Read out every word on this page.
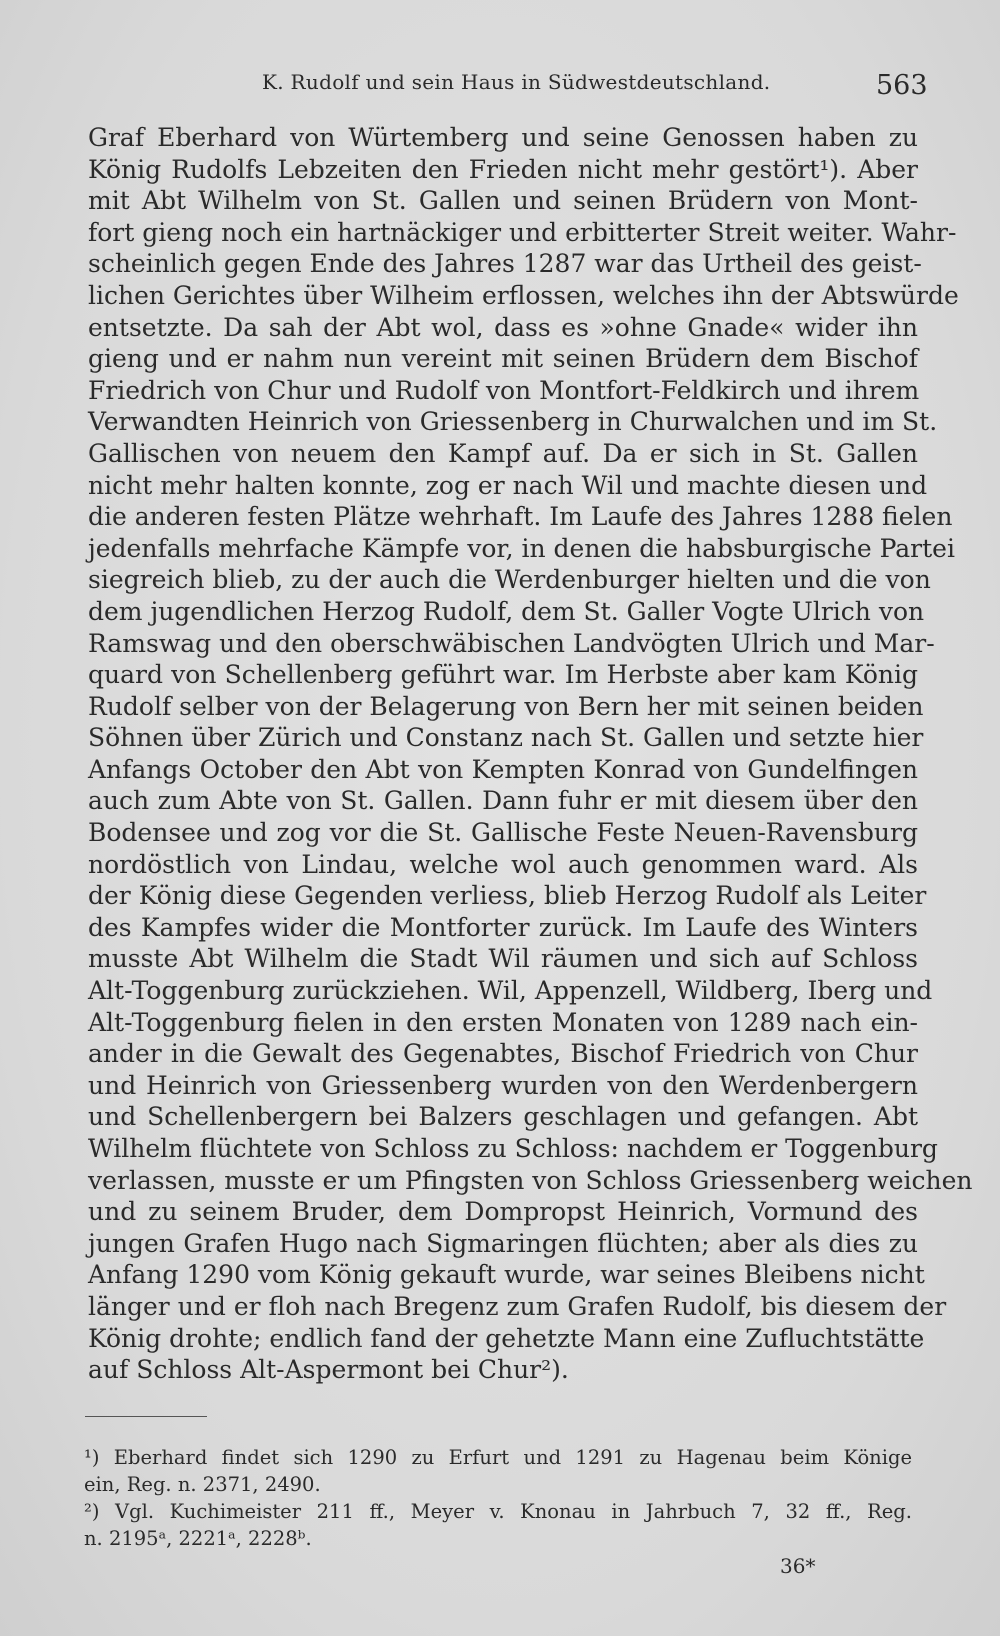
K. Rudolf und sein Haus in Südwestdeutschland.	563
Graf Eberhard von Würtemberg und seine Genossen haben zu
König Rudolfs Lebzeiten den Frieden nicht mehr gestört¹). Aber
mit Abt Wilhelm von St. Gallen und seinen Brüdern von Mont-
fort gieng noch ein hartnäckiger und erbitterter Streit weiter. Wahr-
scheinlich gegen Ende des Jahres 1287 war das Urtheil des geist-
lichen Gerichtes über Wilheim erflossen, welches ihn der Abtswürde
entsetzte. Da sah der Abt wol, dass es »ohne Gnade« wider ihn
gieng und er nahm nun vereint mit seinen Brüdern dem Bischof
Friedrich von Chur und Rudolf von Montfort-Feldkirch und ihrem
Verwandten Heinrich von Griessenberg in Churwalchen und im St.
Gallischen von neuem den Kampf auf. Da er sich in St. Gallen
nicht mehr halten konnte, zog er nach Wil und machte diesen und
die anderen festen Plätze wehrhaft. Im Laufe des Jahres 1288 fielen
jedenfalls mehrfache Kämpfe vor, in denen die habsburgische Partei
siegreich blieb, zu der auch die Werdenburger hielten und die von
dem jugendlichen Herzog Rudolf, dem St. Galler Vogte Ulrich von
Ramswag und den oberschwäbischen Landvögten Ulrich und Mar-
quard von Schellenberg geführt war. Im Herbste aber kam König
Rudolf selber von der Belagerung von Bern her mit seinen beiden
Söhnen über Zürich und Constanz nach St. Gallen und setzte hier
Anfangs October den Abt von Kempten Konrad von Gundelfingen
auch zum Abte von St. Gallen. Dann fuhr er mit diesem über den
Bodensee und zog vor die St. Gallische Feste Neuen-Ravensburg
nordöstlich von Lindau, welche wol auch genommen ward. Als
der König diese Gegenden verliess, blieb Herzog Rudolf als Leiter
des Kampfes wider die Montforter zurück. Im Laufe des Winters
musste Abt Wilhelm die Stadt Wil räumen und sich auf Schloss
Alt-Toggenburg zurückziehen. Wil, Appenzell, Wildberg, Iberg und
Alt-Toggenburg fielen in den ersten Monaten von 1289 nach ein-
ander in die Gewalt des Gegenabtes, Bischof Friedrich von Chur
und Heinrich von Griessenberg wurden von den Werdenbergern
und Schellenbergern bei Balzers geschlagen und gefangen. Abt
Wilhelm flüchtete von Schloss zu Schloss: nachdem er Toggenburg
verlassen, musste er um Pfingsten von Schloss Griessenberg weichen
und zu seinem Bruder, dem Dompropst Heinrich, Vormund des
jungen Grafen Hugo nach Sigmaringen flüchten; aber als dies zu
Anfang 1290 vom König gekauft wurde, war seines Bleibens nicht
länger und er floh nach Bregenz zum Grafen Rudolf, bis diesem der
König drohte; endlich fand der gehetzte Mann eine Zufluchtstätte
auf Schloss Alt-Aspermont bei Chur²).
¹) Eberhard findet sich 1290 zu Erfurt und 1291 zu Hagenau beim Könige
ein, Reg. n. 2371, 2490.
²) Vgl. Kuchimeister 211 ff., Meyer v. Knonau in Jahrbuch 7, 32 ff., Reg.
n. 2195ᵃ, 2221ᵃ, 2228ᵇ.
36*
